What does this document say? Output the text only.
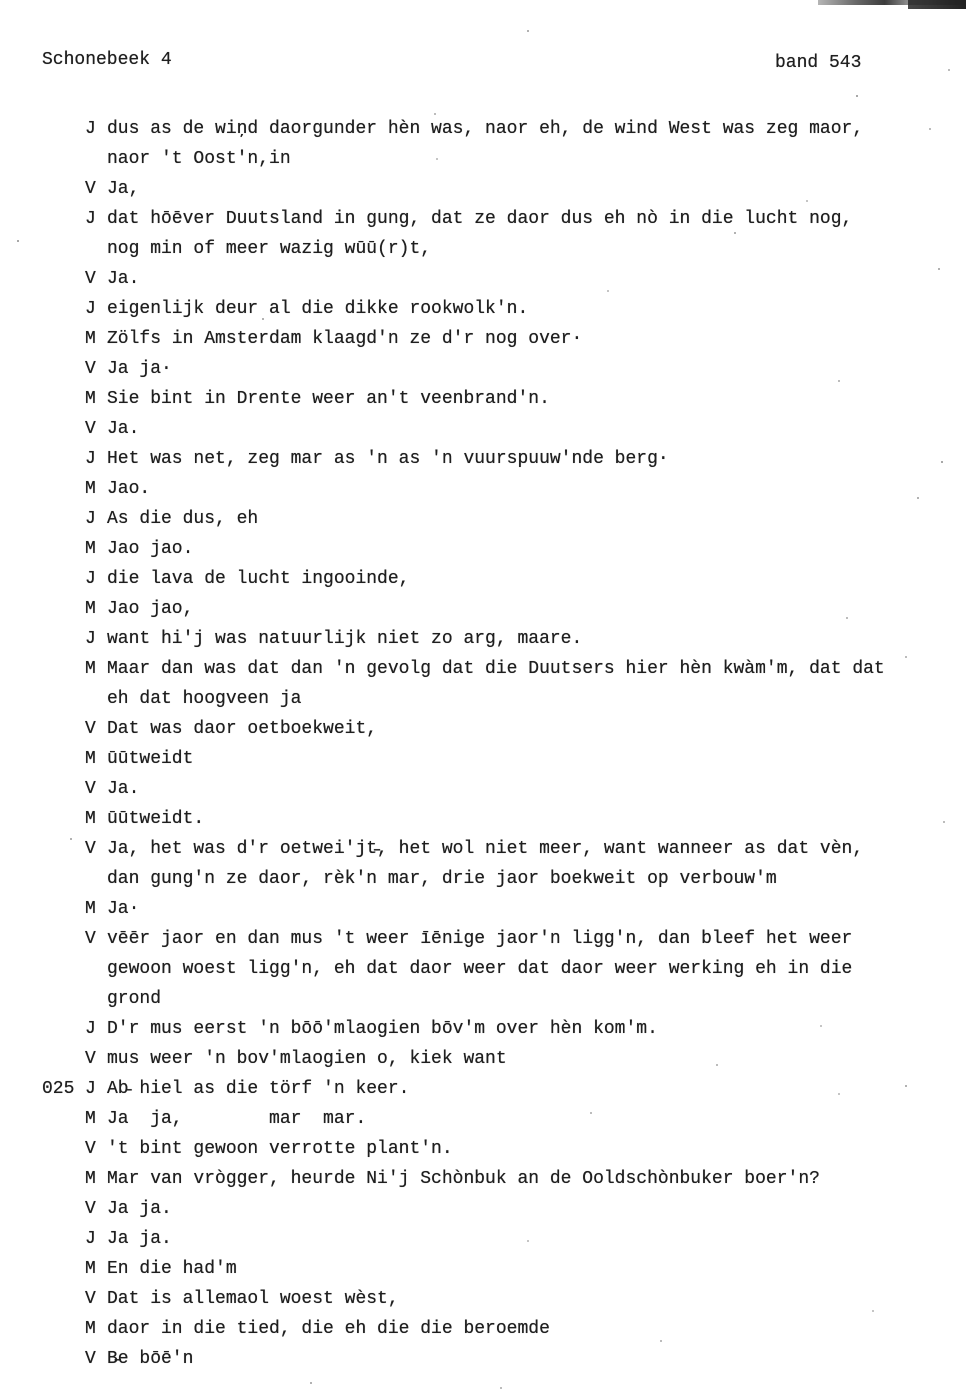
Schonebeek 4	band 543
J dus as de wiņd daorgunder hèn was, naor eh, de wind West was zeg maor,
naor 't Oost'n,in
V Ja,
J dat hōēver Duutsland in gung, dat ze daor dus eh nò in die lucht nog,
nog min of meer wazig wūū(r)t,
V Ja.
J eigenlijk deur al die dikke rookwolk'n.
M Zölfs in Amsterdam klaagd'n ze d'r nog over·
V Ja ja·
M Sie bint in Drente weer an't veenbrand'n.
V Ja.
J Het was net, zeg mar as 'n as 'n vuurspuuw'nde berg·
M Jao.
J As die dus, eh
M Jao jao.
J die lava de lucht ingooinde,
M Jao jao,
J want hi'j was natuurlijk niet zo arg, maare.
M Maar dan was dat dan 'n gevolg dat die Duutsers hier hèn kwàm'm, dat dat
eh dat hoogveen ja
V Dat was daor oetboekweit,
M ūūtweidt
V Ja.
M ūūtweidt.
V Ja, het was d'r oetwei'jt̵, het wol niet meer, want wanneer as dat vèn,
dan gung'n ze daor, rèk'n mar, drie jaor boekweit op verbouw'm
M Ja·
V vēēr jaor en dan mus 't weer īēnige jaor'n ligg'n, dan bleef het weer
gewoon woest ligg'n, eh dat daor weer dat daor weer werking eh in die
grond
J D'r mus eerst 'n bōō'mlaogien bōv'm over hèn kom'm.
V mus weer 'n bov'mlaogien o, kiek want
025 J Ab̵ hiel as die törf 'n keer.
M Ja  ja,        mar  mar.
V 't bint gewoon verrotte plant'n.
M Mar van vrògger, heurde Ni'j Schònbuk an de Ooldschònbuker boer'n?
V Ja ja.
J Ja ja.
M En die had'm
V Dat is allemaol woest wèst,
M daor in die tied, die eh die die beroemde
V B̵e bōē'n
